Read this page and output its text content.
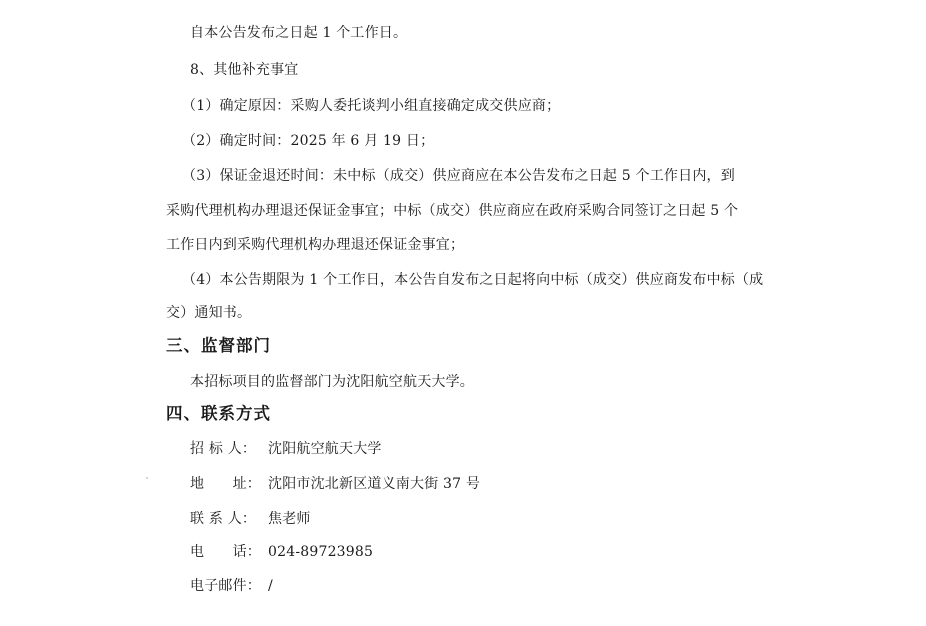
自本公告发布之日起 1 个工作日。
8、其他补充事宜
（1）确定原因：采购人委托谈判小组直接确定成交供应商；
（2）确定时间：2025 年 6 月 19 日；
（3）保证金退还时间：未中标（成交）供应商应在本公告发布之日起 5 个工作日内，到
采购代理机构办理退还保证金事宜；中标（成交）供应商应在政府采购合同签订之日起 5 个
工作日内到采购代理机构办理退还保证金事宜；
（4）本公告期限为 1 个工作日，本公告自发布之日起将向中标（成交）供应商发布中标（成
交）通知书。
三、监督部门
本招标项目的监督部门为沈阳航空航天大学。
四、联系方式
招 标 人： 沈阳航空航天大学
地　　址： 沈阳市沈北新区道义南大街 37 号
联 系 人： 焦老师
电　　话： 024-89723985
电子邮件： /
